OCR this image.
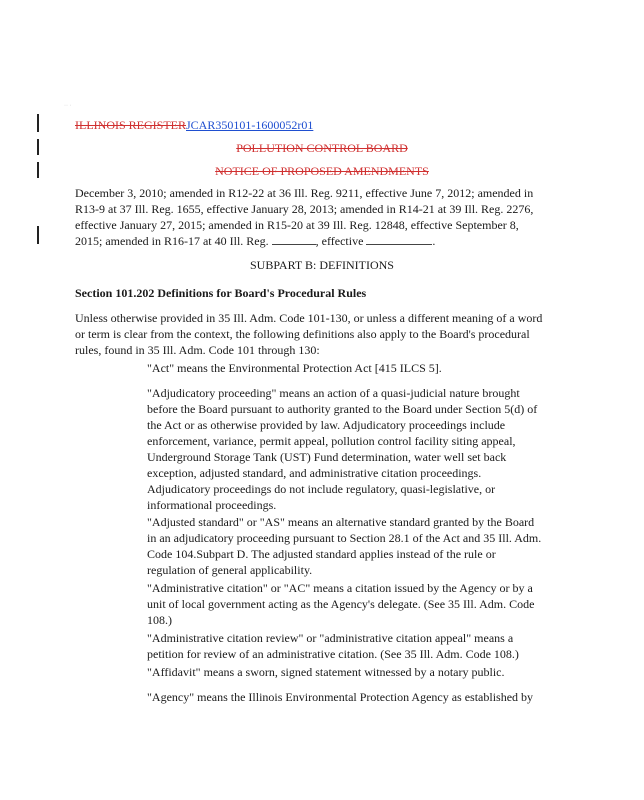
·· ·
ILLINOIS REGISTERJCAR350101-1600052r01
POLLUTION CONTROL BOARD
NOTICE OF PROPOSED AMENDMENTS
December 3, 2010; amended in R12-22 at 36 Ill. Reg. 9211, effective June 7, 2012; amended in
R13-9 at 37 Ill. Reg. 1655, effective January 28, 2013; amended in R14-21 at 39 Ill. Reg. 2276,
effective January 27, 2015; amended in R15-20 at 39 Ill. Reg. 12848, effective September 8,
2015; amended in R16-17 at 40 Ill. Reg.	, effective	.
SUBPART B: DEFINITIONS
Section 101.202 Definitions for Board's Procedural Rules
Unless otherwise provided in 35 Ill. Adm. Code 101-130, or unless a different meaning of a word
or term is clear from the context, the following definitions also apply to the Board's procedural
rules, found in 35 Ill. Adm. Code 101 through 130:
"Act" means the Environmental Protection Act [415 ILCS 5].
"Adjudicatory proceeding" means an action of a quasi-judicial nature brought
before the Board pursuant to authority granted to the Board under Section 5(d) of
the Act or as otherwise provided by law. Adjudicatory proceedings include
enforcement, variance, permit appeal, pollution control facility siting appeal,
Underground Storage Tank (UST) Fund determination, water well set back
exception, adjusted standard, and administrative citation proceedings.
Adjudicatory proceedings do not include regulatory, quasi-legislative, or
informational proceedings.
"Adjusted standard" or "AS" means an alternative standard granted by the Board
in an adjudicatory proceeding pursuant to Section 28.1 of the Act and 35 Ill. Adm.
Code 104.Subpart D. The adjusted standard applies instead of the rule or
regulation of general applicability.
"Administrative citation" or "AC" means a citation issued by the Agency or by a
unit of local government acting as the Agency's delegate. (See 35 Ill. Adm. Code
108.)
"Administrative citation review" or "administrative citation appeal" means a
petition for review of an administrative citation. (See 35 Ill. Adm. Code 108.)
"Affidavit" means a sworn, signed statement witnessed by a notary public.
"Agency" means the Illinois Environmental Protection Agency as established by
